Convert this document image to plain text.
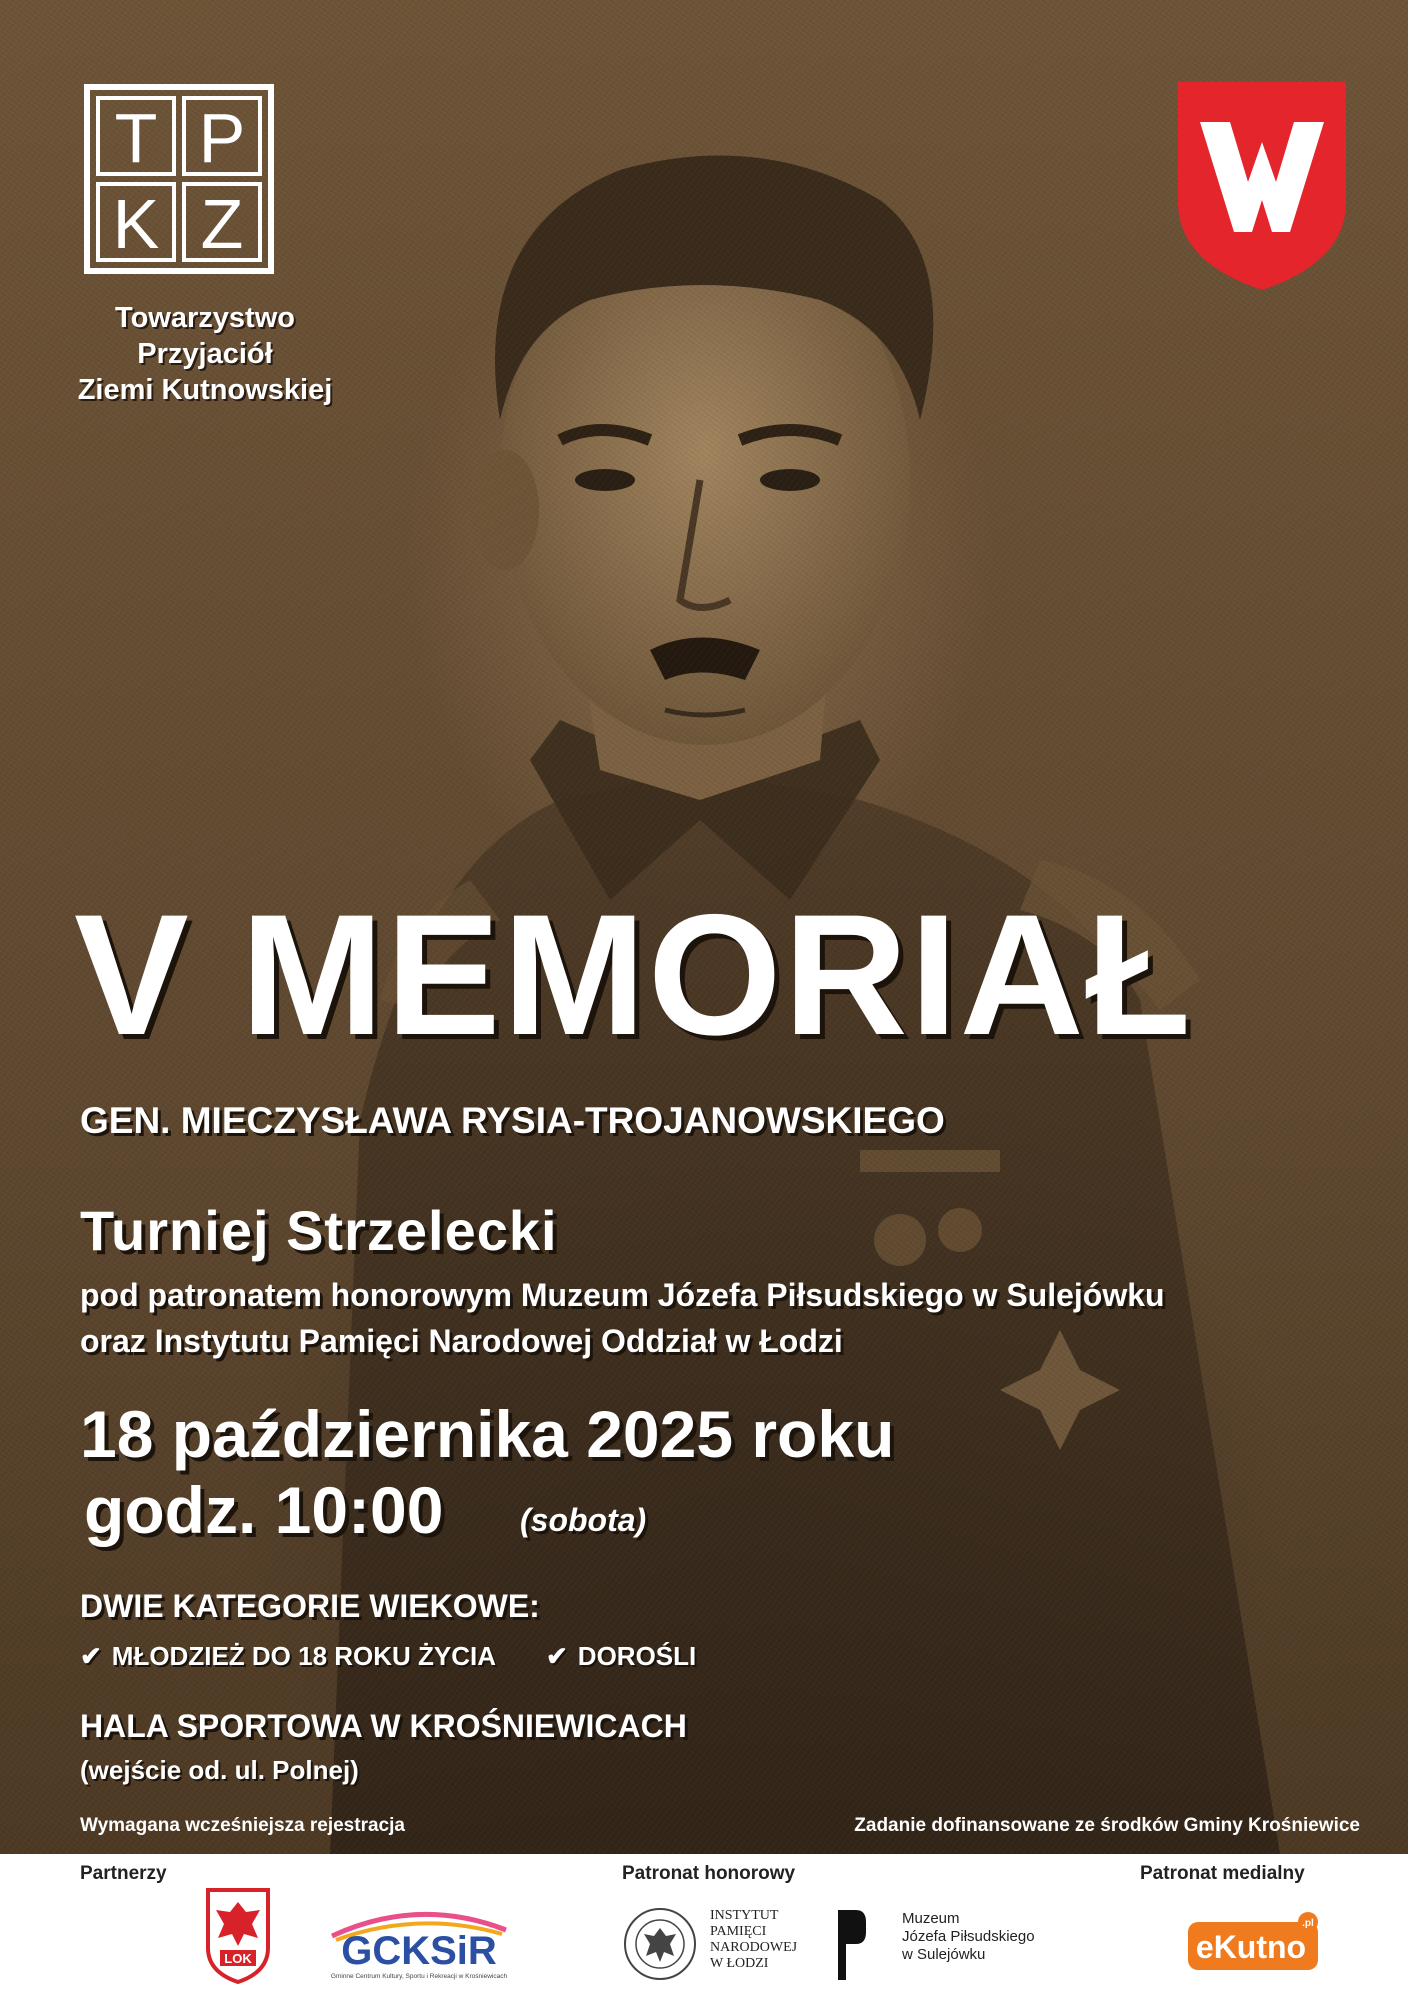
T P
K Z
Towarzystwo
Przyjaciół
Ziemi Kutnowskiej
V MEMORIAŁ
GEN. MIECZYSŁAWA RYSIA-TROJANOWSKIEGO
Turniej Strzelecki
pod patronatem honorowym Muzeum Józefa Piłsudskiego w Sulejówku
oraz Instytutu Pamięci Narodowej Oddział w Łodzi
18 października 2025 roku
godz. 10:00 (sobota)
DWIE KATEGORIE WIEKOWE:
✔ MŁODZIEŻ DO 18 ROKU ŻYCIA ✔ DOROŚLI
HALA SPORTOWA W KROŚNIEWICACH
(wejście od. ul. Polnej)
Wymagana wcześniejsza rejestracja	Zadanie dofinansowane ze środków Gminy Krośniewice
Partnerzy	Patronat honorowy	Patronat medialny
LOK GCKSiR
Gminne Centrum Kultury, Sportu i Rekreacji w Krośniewicach
INSTYTUT
PAMIĘCI
NARODOWEJ
W ŁODZI
Muzeum
Józefa Piłsudskiego
w Sulejówku
.pl
eKutno
